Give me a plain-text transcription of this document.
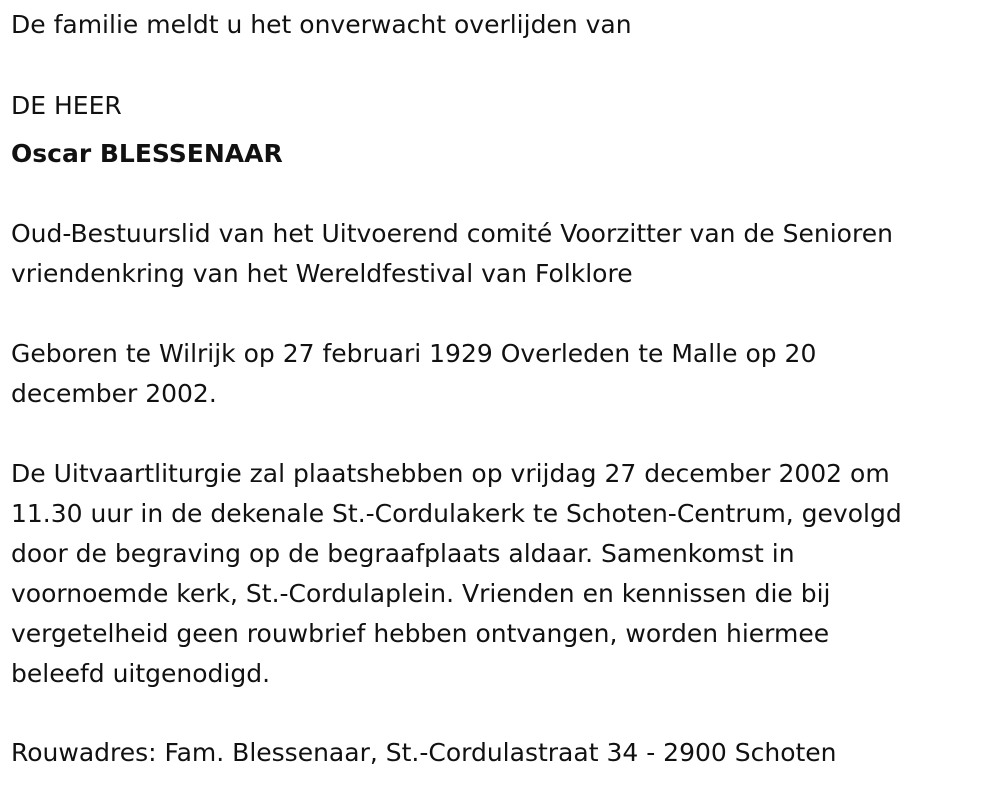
De familie meldt u het onverwacht overlijden van
DE HEER
Oscar BLESSENAAR
Oud-Bestuurslid van het Uitvoerend comité Voorzitter van de Senioren
vriendenkring van het Wereldfestival van Folklore
Geboren te Wilrijk op 27 februari 1929 Overleden te Malle op 20
december 2002.
De Uitvaartliturgie zal plaatshebben op vrijdag 27 december 2002 om
11.30 uur in de dekenale St.-Cordulakerk te Schoten-Centrum, gevolgd
door de begraving op de begraafplaats aldaar. Samenkomst in
voornoemde kerk, St.-Cordulaplein. Vrienden en kennissen die bij
vergetelheid geen rouwbrief hebben ontvangen, worden hiermee
beleefd uitgenodigd.
Rouwadres: Fam. Blessenaar, St.-Cordulastraat 34 - 2900 Schoten
